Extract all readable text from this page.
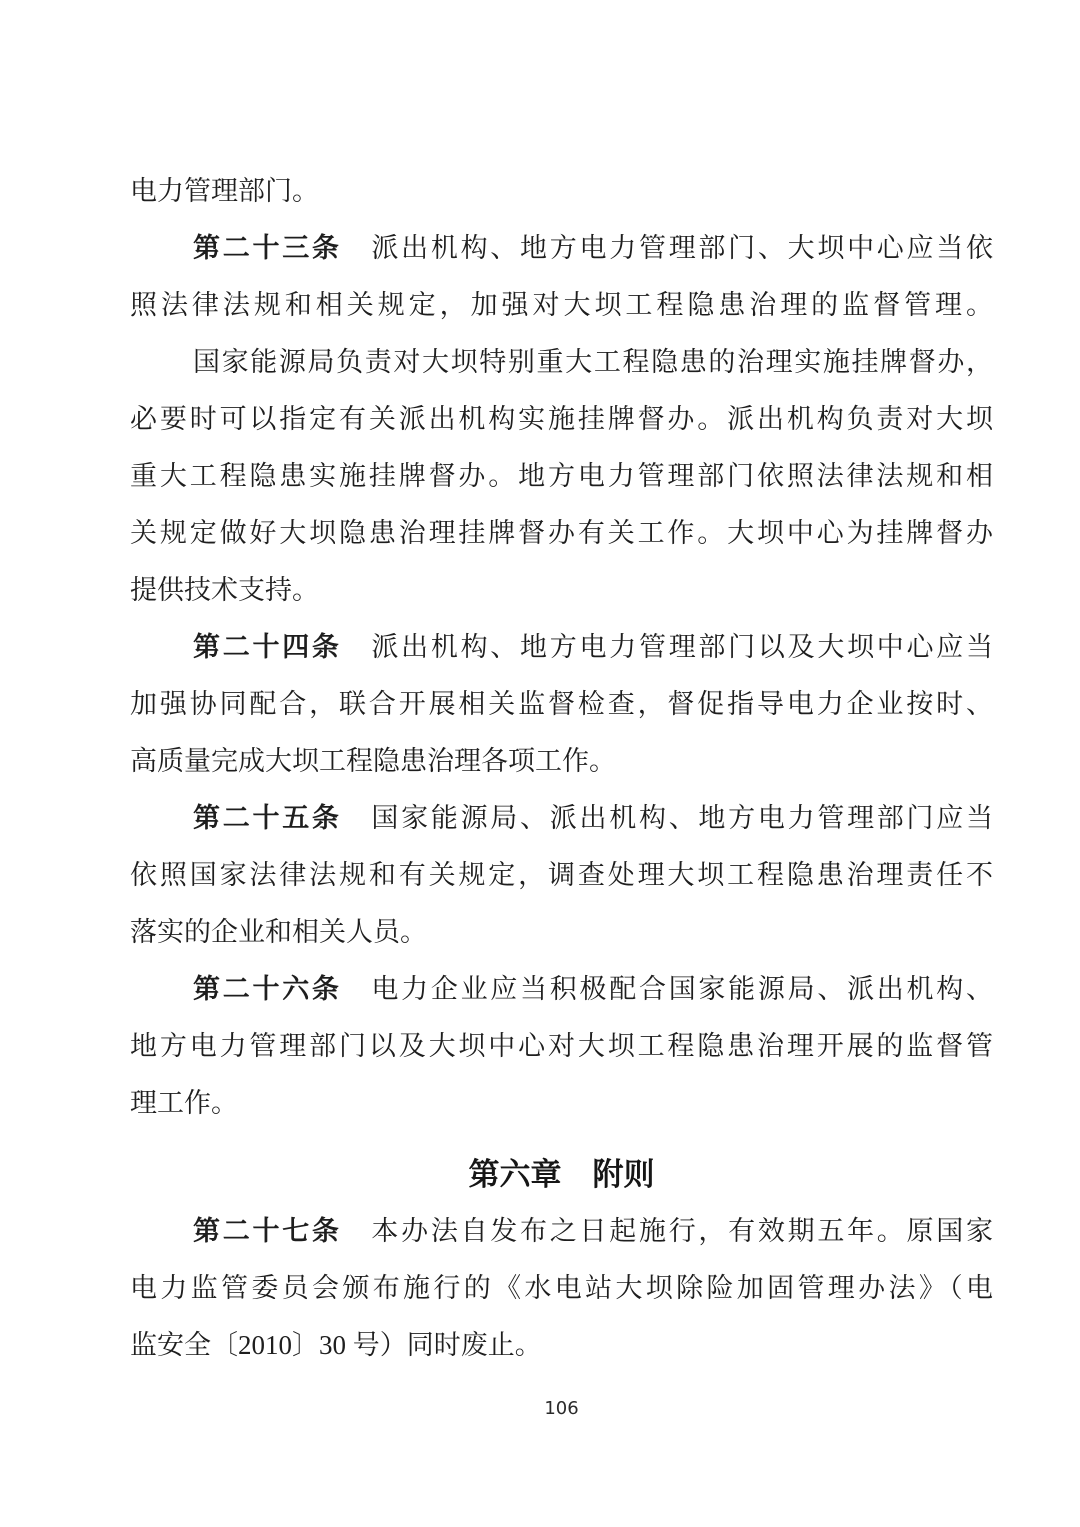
电力管理部门。
第二十三条　派出机构、地方电力管理部门、大坝中心应当依
照法律法规和相关规定，加强对大坝工程隐患治理的监督管理。
国家能源局负责对大坝特别重大工程隐患的治理实施挂牌督办，
必要时可以指定有关派出机构实施挂牌督办。派出机构负责对大坝
重大工程隐患实施挂牌督办。地方电力管理部门依照法律法规和相
关规定做好大坝隐患治理挂牌督办有关工作。大坝中心为挂牌督办
提供技术支持。
第二十四条　派出机构、地方电力管理部门以及大坝中心应当
加强协同配合，联合开展相关监督检查，督促指导电力企业按时、
高质量完成大坝工程隐患治理各项工作。
第二十五条　国家能源局、派出机构、地方电力管理部门应当
依照国家法律法规和有关规定，调查处理大坝工程隐患治理责任不
落实的企业和相关人员。
第二十六条　电力企业应当积极配合国家能源局、派出机构、
地方电力管理部门以及大坝中心对大坝工程隐患治理开展的监督管
理工作。
第六章　附则
第二十七条　本办法自发布之日起施行，有效期五年。原国家
电力监管委员会颁布施行的《水电站大坝除险加固管理办法》（电
监安全〔2010〕30 号）同时废止。
106
